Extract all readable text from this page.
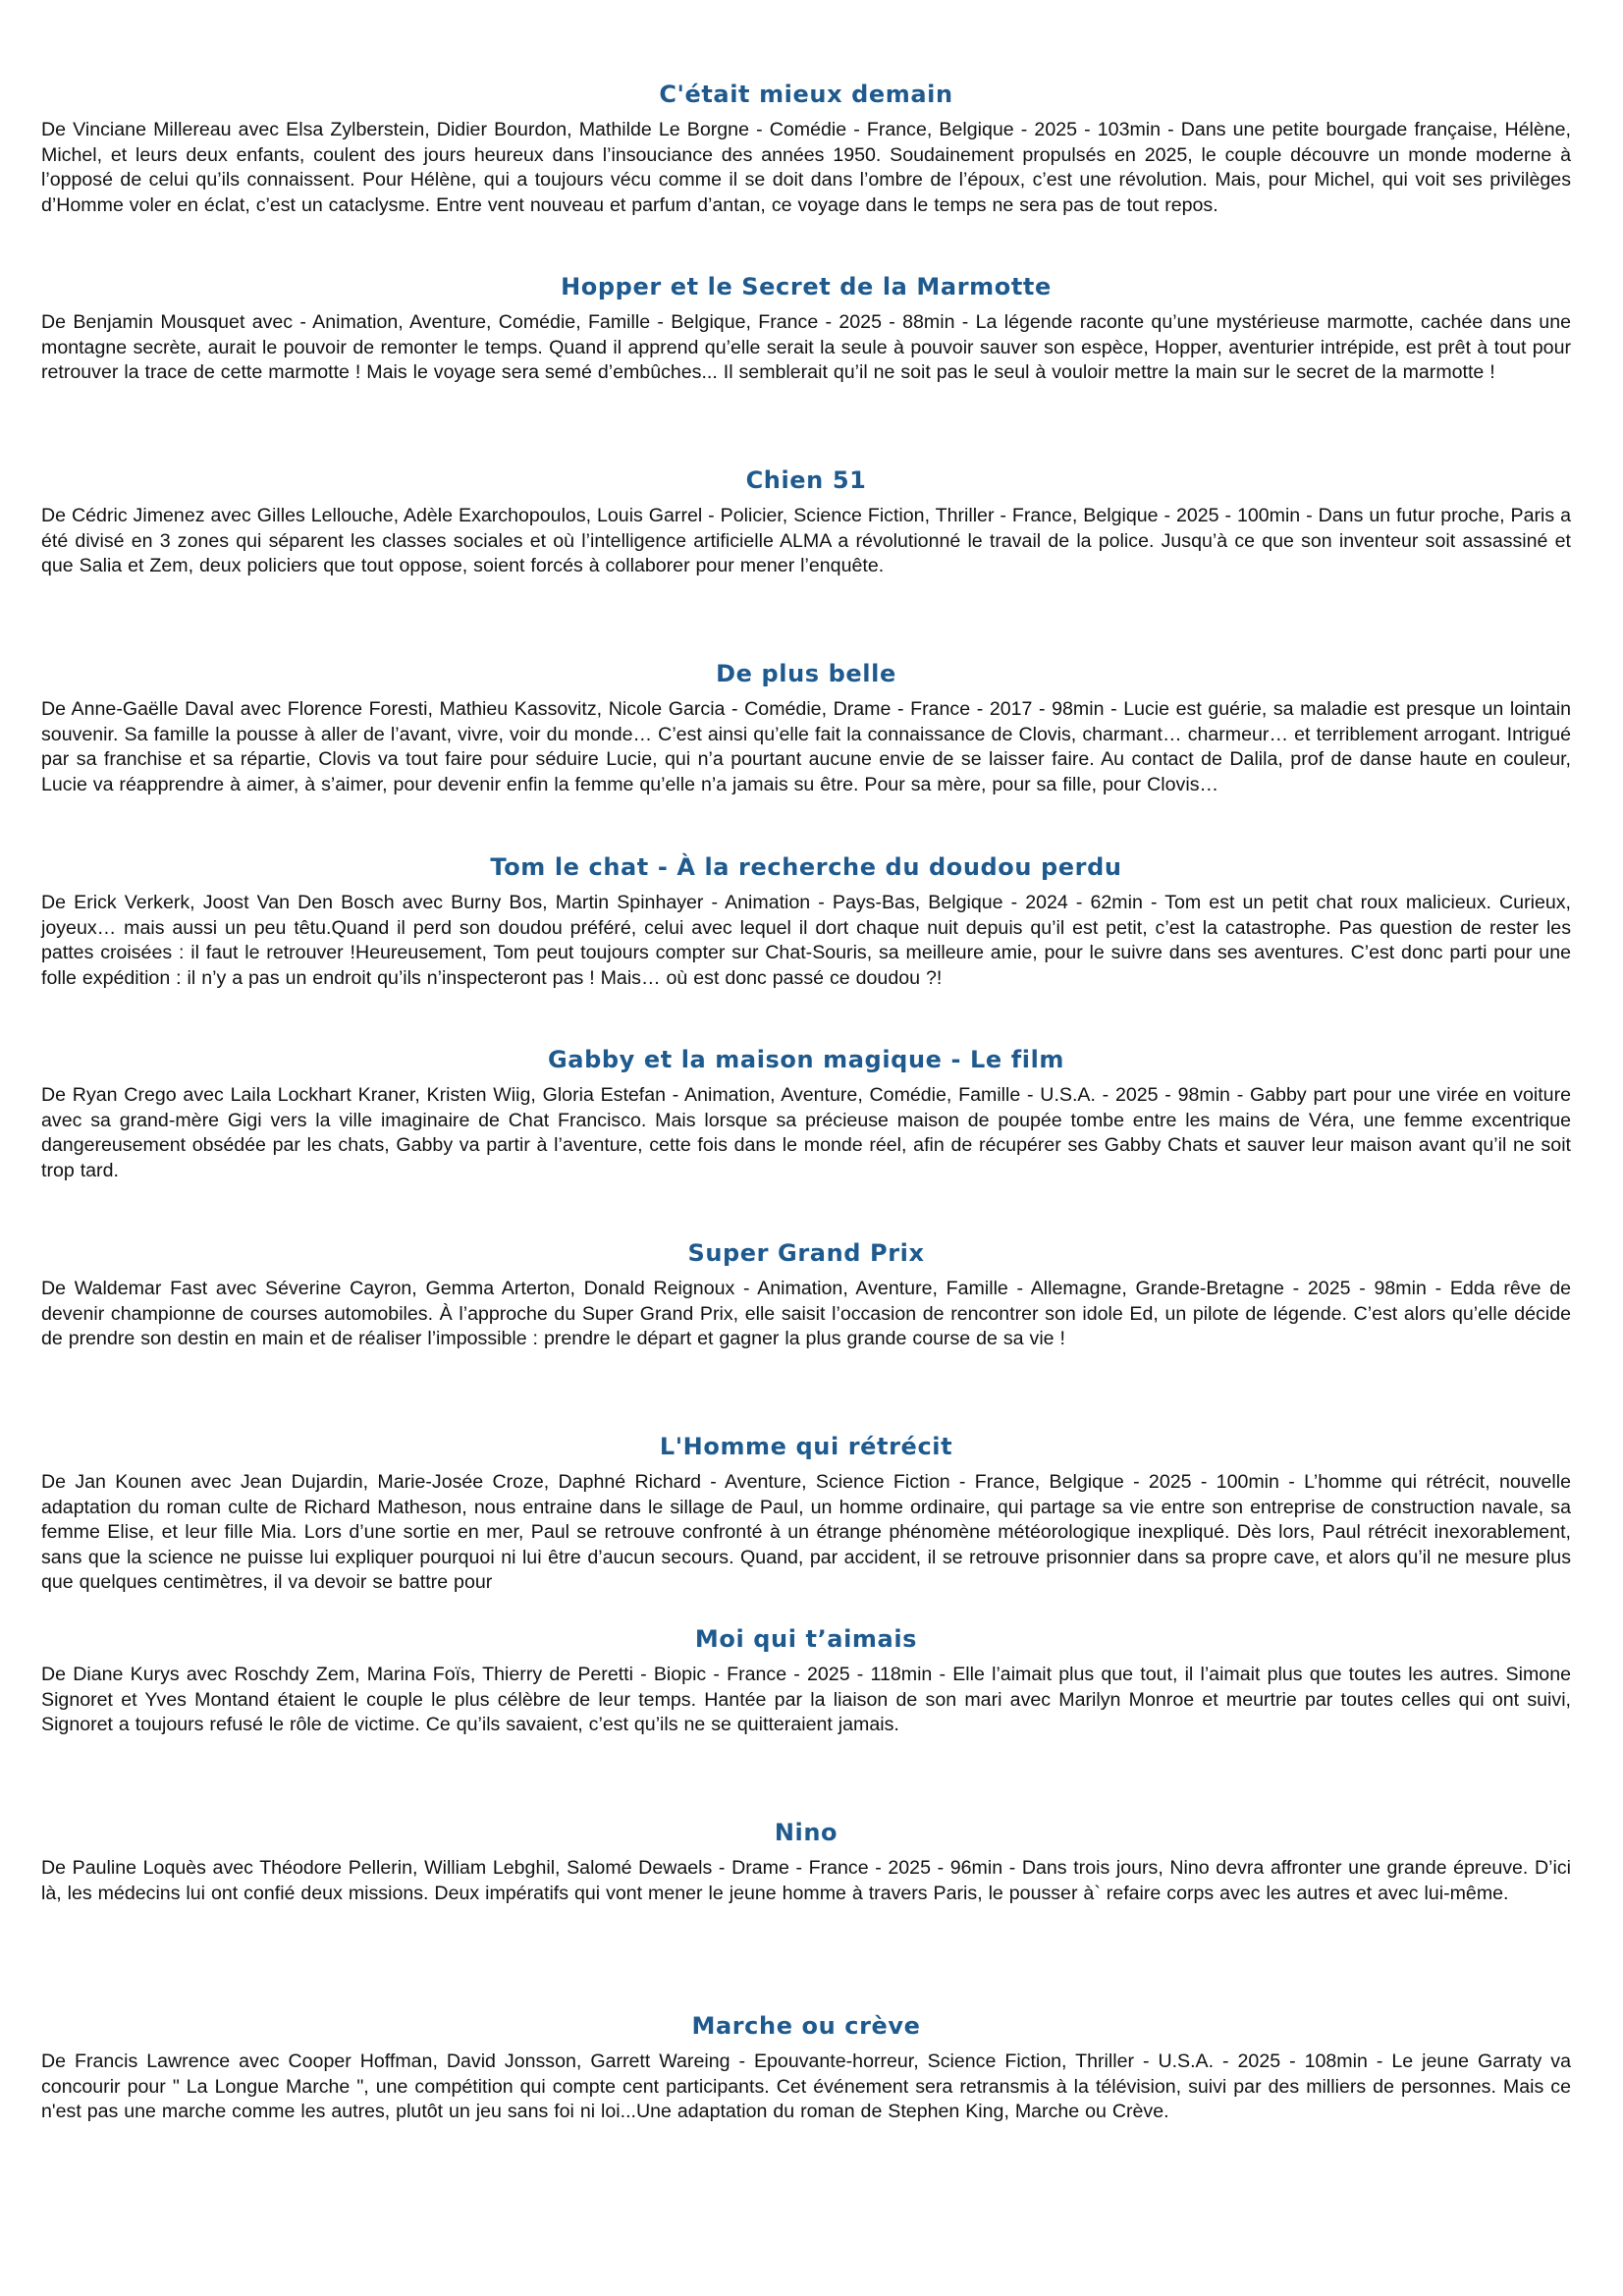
C'était mieux demain

De Vinciane Millereau avec Elsa Zylberstein, Didier Bourdon, Mathilde Le Borgne - Comédie - France, Belgique - 2025 - 103min - Dans une petite bourgade française, Hélène, Michel, et leurs deux enfants, coulent des jours heureux dans l’insouciance des années 1950. Soudainement propulsés en 2025, le couple découvre un monde moderne à l’opposé de celui qu’ils connaissent. Pour Hélène, qui a toujours vécu comme il se doit dans l’ombre de l’époux, c’est une révolution. Mais, pour Michel, qui voit ses privilèges d’Homme voler en éclat, c’est un cataclysme. Entre vent nouveau et parfum d’antan, ce voyage dans le temps ne sera pas de tout repos.

Hopper et le Secret de la Marmotte

De Benjamin Mousquet avec - Animation, Aventure, Comédie, Famille - Belgique, France - 2025 - 88min - La légende raconte qu’une mystérieuse marmotte, cachée dans une montagne secrète, aurait le pouvoir de remonter le temps. Quand il apprend qu’elle serait la seule à pouvoir sauver son espèce, Hopper, aventurier intrépide, est prêt à tout pour retrouver la trace de cette marmotte ! Mais le voyage sera semé d’embûches... Il semblerait qu’il ne soit pas le seul à vouloir mettre la main sur le secret de la marmotte !

Chien 51

De Cédric Jimenez avec Gilles Lellouche, Adèle Exarchopoulos, Louis Garrel - Policier, Science Fiction, Thriller - France, Belgique - 2025 - 100min - Dans un futur proche, Paris a été divisé en 3 zones qui séparent les classes sociales et où l’intelligence artificielle ALMA a révolutionné le travail de la police. Jusqu’à ce que son inventeur soit assassiné et que Salia et Zem, deux policiers que tout oppose, soient forcés à collaborer pour mener l’enquête.

De plus belle

De Anne-Gaëlle Daval avec Florence Foresti, Mathieu Kassovitz, Nicole Garcia - Comédie, Drame - France - 2017 - 98min - Lucie est guérie, sa maladie est presque un lointain souvenir. Sa famille la pousse à aller de l’avant, vivre, voir du monde… C’est ainsi qu’elle fait la connaissance de Clovis, charmant… charmeur… et terriblement arrogant. Intrigué par sa franchise et sa répartie, Clovis va tout faire pour séduire Lucie, qui n’a pourtant aucune envie de se laisser faire. Au contact de Dalila, prof de danse haute en couleur, Lucie va réapprendre à aimer, à s’aimer, pour devenir enfin la femme qu’elle n’a jamais su être. Pour sa mère, pour sa fille, pour Clovis…

Tom le chat - À la recherche du doudou perdu

De Erick Verkerk, Joost Van Den Bosch avec Burny Bos, Martin Spinhayer - Animation - Pays-Bas, Belgique - 2024 - 62min - Tom est un petit chat roux malicieux. Curieux, joyeux… mais aussi un peu têtu.Quand il perd son doudou préféré, celui avec lequel il dort chaque nuit depuis qu’il est petit, c’est la catastrophe. Pas question de rester les pattes croisées : il faut le retrouver !Heureusement, Tom peut toujours compter sur Chat-Souris, sa meilleure amie, pour le suivre dans ses aventures. C’est donc parti pour une folle expédition : il n’y a pas un endroit qu’ils n’inspecteront pas ! Mais… où est donc passé ce doudou ?!

Gabby et la maison magique - Le film

De Ryan Crego avec Laila Lockhart Kraner, Kristen Wiig, Gloria Estefan - Animation, Aventure, Comédie, Famille - U.S.A. - 2025 - 98min - Gabby part pour une virée en voiture avec sa grand-mère Gigi vers la ville imaginaire de Chat Francisco. Mais lorsque sa précieuse maison de poupée tombe entre les mains de Véra, une femme excentrique dangereusement obsédée par les chats, Gabby va partir à l’aventure, cette fois dans le monde réel, afin de récupérer ses Gabby Chats et sauver leur maison avant qu’il ne soit trop tard.

Super Grand Prix

De Waldemar Fast avec Séverine Cayron, Gemma Arterton, Donald Reignoux - Animation, Aventure, Famille - Allemagne, Grande-Bretagne - 2025 - 98min - Edda rêve de devenir championne de courses automobiles. À l’approche du Super Grand Prix, elle saisit l’occasion de rencontrer son idole Ed, un pilote de légende. C’est alors qu’elle décide de prendre son destin en main et de réaliser l’impossible : prendre le départ et gagner la plus grande course de sa vie !

L'Homme qui rétrécit

De Jan Kounen avec Jean Dujardin, Marie-Josée Croze, Daphné Richard - Aventure, Science Fiction - France, Belgique - 2025 - 100min - L’homme qui rétrécit, nouvelle adaptation du roman culte de Richard Matheson, nous entraine dans le sillage de Paul, un homme ordinaire, qui partage sa vie entre son entreprise de construction navale, sa femme Elise, et leur fille Mia. Lors d’une sortie en mer, Paul se retrouve confronté à un étrange phénomène météorologique inexpliqué. Dès lors, Paul rétrécit inexorablement, sans que la science ne puisse lui expliquer pourquoi ni lui être d’aucun secours. Quand, par accident, il se retrouve prisonnier dans sa propre cave, et alors qu’il ne mesure plus que quelques centimètres, il va devoir se battre pour

Moi qui t’aimais

De Diane Kurys avec Roschdy Zem, Marina Foïs, Thierry de Peretti - Biopic - France - 2025 - 118min - Elle l’aimait plus que tout, il l’aimait plus que toutes les autres. Simone Signoret et Yves Montand étaient le couple le plus célèbre de leur temps. Hantée par la liaison de son mari avec Marilyn Monroe et meurtrie par toutes celles qui ont suivi, Signoret a toujours refusé le rôle de victime. Ce qu’ils savaient, c’est qu’ils ne se quitteraient jamais.

Nino

De Pauline Loquès avec Théodore Pellerin, William Lebghil, Salomé Dewaels - Drame - France - 2025 - 96min - Dans trois jours, Nino devra affronter une grande épreuve. D’ici là, les médecins lui ont confié deux missions. Deux impératifs qui vont mener le jeune homme à travers Paris, le pousser à` refaire corps avec les autres et avec lui-même.

Marche ou crève

De Francis Lawrence avec Cooper Hoffman, David Jonsson, Garrett Wareing - Epouvante-horreur, Science Fiction, Thriller - U.S.A. - 2025 - 108min - Le jeune Garraty va concourir pour " La Longue Marche ", une compétition qui compte cent participants. Cet événement sera retransmis à la télévision, suivi par des milliers de personnes. Mais ce n'est pas une marche comme les autres, plutôt un jeu sans foi ni loi...Une adaptation du roman de Stephen King, Marche ou Crève.
